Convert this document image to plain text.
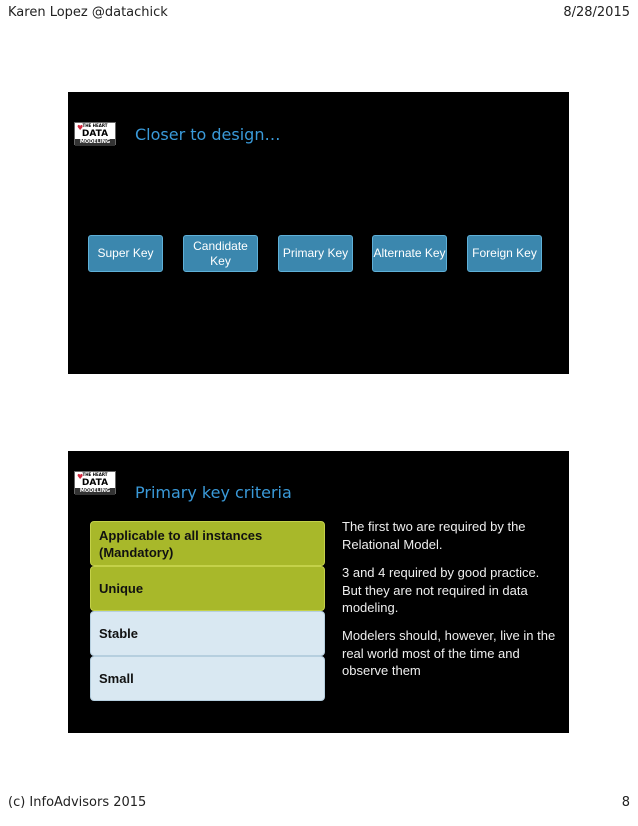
Karen Lopez @datachick	8/28/2015
♥ THE HEART
DATA
MODELING	Closer to design…
Super Key
Candidate Key
Primary Key Alternate Key Foreign Key
♥ THE HEART
DATA
MODELING	Primary key criteria
Applicable to all instances (Mandatory)
Unique
Stable
Small
The first two are required by the Relational Model.
3 and 4 required by good practice. But they are not required in data modeling.
Modelers should, however, live in the real world most of the time and observe them
(c) InfoAdvisors 2015	8
